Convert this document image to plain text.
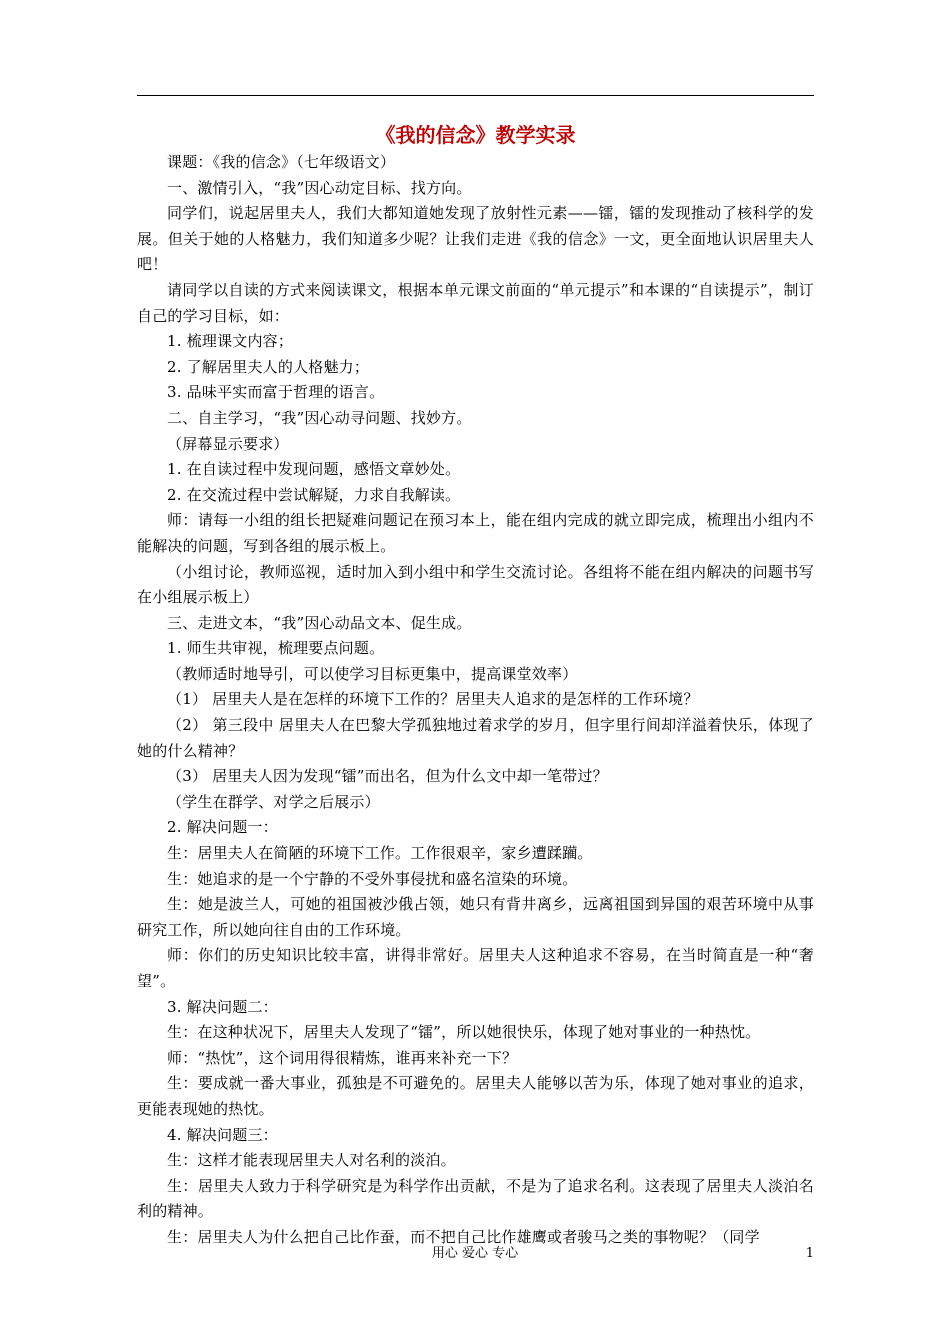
《我的信念》教学实录

课题：《我的信念》（七年级语文）

一、激情引入，“我”因心动定目标、找方向。

同学们，说起居里夫人，我们大都知道她发现了放射性元素——镭，镭的发现推动了核科学的发展。但关于她的人格魅力，我们知道多少呢？让我们走进《我的信念》一文，更全面地认识居里夫人吧！

请同学以自读的方式来阅读课文，根据本单元课文前面的“单元提示”和本课的“自读提示”，制订自己的学习目标，如：

1. 梳理课文内容；

2. 了解居里夫人的人格魅力；

3. 品味平实而富于哲理的语言。

二、自主学习，“我”因心动寻问题、找妙方。

（屏幕显示要求）

1. 在自读过程中发现问题，感悟文章妙处。

2. 在交流过程中尝试解疑，力求自我解读。

师：请每一小组的组长把疑难问题记在预习本上，能在组内完成的就立即完成，梳理出小组内不能解决的问题，写到各组的展示板上。

（小组讨论，教师巡视，适时加入到小组中和学生交流讨论。各组将不能在组内解决的问题书写在小组展示板上）

三、走进文本，“我”因心动品文本、促生成。

1. 师生共审视，梳理要点问题。

（教师适时地导引，可以使学习目标更集中，提高课堂效率）

（1） 居里夫人是在怎样的环境下工作的？居里夫人追求的是怎样的工作环境？

（2） 第三段中 居里夫人在巴黎大学孤独地过着求学的岁月，但字里行间却洋溢着快乐，体现了她的什么精神？

（3） 居里夫人因为发现“镭”而出名，但为什么文中却一笔带过？

（学生在群学、对学之后展示）

2. 解决问题一：

生：居里夫人在简陋的环境下工作。工作很艰辛，家乡遭蹂躏。

生：她追求的是一个宁静的不受外事侵扰和盛名渲染的环境。

生：她是波兰人，可她的祖国被沙俄占领，她只有背井离乡，远离祖国到异国的艰苦环境中从事研究工作，所以她向往自由的工作环境。

师：你们的历史知识比较丰富，讲得非常好。居里夫人这种追求不容易，在当时简直是一种“奢望”。

3. 解决问题二：

生：在这种状况下，居里夫人发现了“镭”，所以她很快乐，体现了她对事业的一种热忱。

师：“热忱”，这个词用得很精炼，谁再来补充一下？

生：要成就一番大事业，孤独是不可避免的。居里夫人能够以苦为乐，体现了她对事业的追求，更能表现她的热忱。

4. 解决问题三：

生：这样才能表现居里夫人对名利的淡泊。

生：居里夫人致力于科学研究是为科学作出贡献，不是为了追求名利。这表现了居里夫人淡泊名利的精神。

生：居里夫人为什么把自己比作蚕，而不把自己比作雄鹰或者骏马之类的事物呢？（同学

用心 爱心 专心	1
